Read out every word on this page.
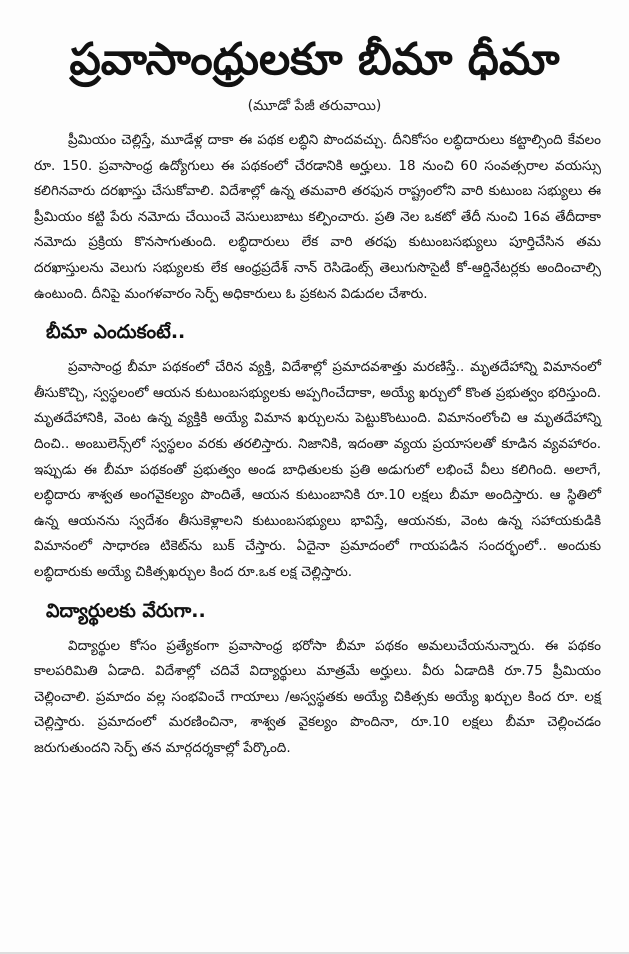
ప్రవాసాంధ్రులకూ బీమా ధీమా
(మూడో పేజీ తరువాయి)

ప్రీమియం చెల్లిస్తే, మూడేళ్ల దాకా ఈ పథక లబ్ధిని పొందవచ్చు. దీనికోసం లబ్ధిదారులు కట్టాల్సింది కేవలం రూ. 150. ప్రవాసాంధ్ర ఉద్యోగులు ఈ పథకంలో చేరడానికి అర్హులు. 18 నుంచి 60 సంవత్సరాల వయస్సు కలిగినవారు దరఖాస్తు చేసుకోవాలి. విదేశాల్లో ఉన్న తమవారి తరఫున రాష్ట్రంలోని వారి కుటుంబ సభ్యులు ఈ ప్రీమియం కట్టి పేరు నమోదు చేయించే వెసులుబాటు కల్పించారు. ప్రతి నెల ఒకటో తేదీ నుంచి 16వ తేదీదాకా నమోదు ప్రక్రియ కొనసాగుతుంది. లబ్ధిదారులు లేక వారి తరఫు కుటుంబసభ్యులు పూర్తిచేసిన తమ దరఖాస్తులను వెలుగు సభ్యులకు లేక ఆంధ్రప్రదేశ్ నాన్ రెసిడెంట్స్ తెలుగుసొసైటీ కో-ఆర్డినేటర్లకు అందించాల్సి ఉంటుంది. దీనిపై మంగళవారం సెర్ప్ అధికారులు ఓ ప్రకటన విడుదల చేశారు.

బీమా ఎందుకంటే..

ప్రవాసాంధ్ర బీమా పథకంలో చేరిన వ్యక్తి, విదేశాల్లో ప్రమాదవశాత్తు మరణిస్తే.. మృతదేహాన్ని విమానంలో తీసుకొచ్చి, స్వస్థలంలో ఆయన కుటుంబసభ్యులకు అప్పగించేదాకా, అయ్యే ఖర్చులో కొంత ప్రభుత్వం భరిస్తుంది. మృతదేహానికి, వెంట ఉన్న వ్యక్తికి అయ్యే విమాన ఖర్చులను పెట్టుకొంటుంది. విమానంలోంచి ఆ మృతదేహాన్ని దించి.. అంబులెన్స్‌లో స్వస్థలం వరకు తరలిస్తారు. నిజానికి, ఇదంతా వ్యయ ప్రయాసలతో కూడిన వ్యవహారం. ఇప్పుడు ఈ బీమా పథకంతో ప్రభుత్వం అండ బాధితులకు ప్రతి అడుగులో లభించే వీలు కలిగింది. అలాగే, లబ్ధిదారు శాశ్వత అంగవైకల్యం పొందితే, ఆయన కుటుంబానికి రూ.10 లక్షలు బీమా అందిస్తారు. ఆ స్థితిలో ఉన్న ఆయనను స్వదేశం తీసుకెళ్లాలని కుటుంబసభ్యులు భావిస్తే, ఆయనకు, వెంట ఉన్న సహాయకుడికి విమానంలో సాధారణ టికెట్‌ను బుక్ చేస్తారు. ఏదైనా ప్రమాదంలో గాయపడిన సందర్భంలో.. అందుకు లబ్ధిదారుకు అయ్యే చికిత్సఖర్చుల కింద రూ.ఒక లక్ష చెల్లిస్తారు.

విద్యార్థులకు వేరుగా..

విద్యార్థుల కోసం ప్రత్యేకంగా ప్రవాసాంధ్ర భరోసా బీమా పథకం అమలుచేయనున్నారు. ఈ పథకం కాలపరిమితి ఏడాది. విదేశాల్లో చదివే విద్యార్థులు మాత్రమే అర్హులు. వీరు ఏడాదికి రూ.75 ప్రీమియం చెల్లించాలి. ప్రమాదం వల్ల సంభవించే గాయాలు /అస్వస్థతకు అయ్యే చికిత్సకు అయ్యే ఖర్చుల కింద రూ. లక్ష చెల్లిస్తారు. ప్రమాదంలో మరణించినా, శాశ్వత వైకల్యం పొందినా, రూ.10 లక్షలు బీమా చెల్లించడం జరుగుతుందని సెర్ప్ తన మార్గదర్శకాల్లో పేర్కొంది.
